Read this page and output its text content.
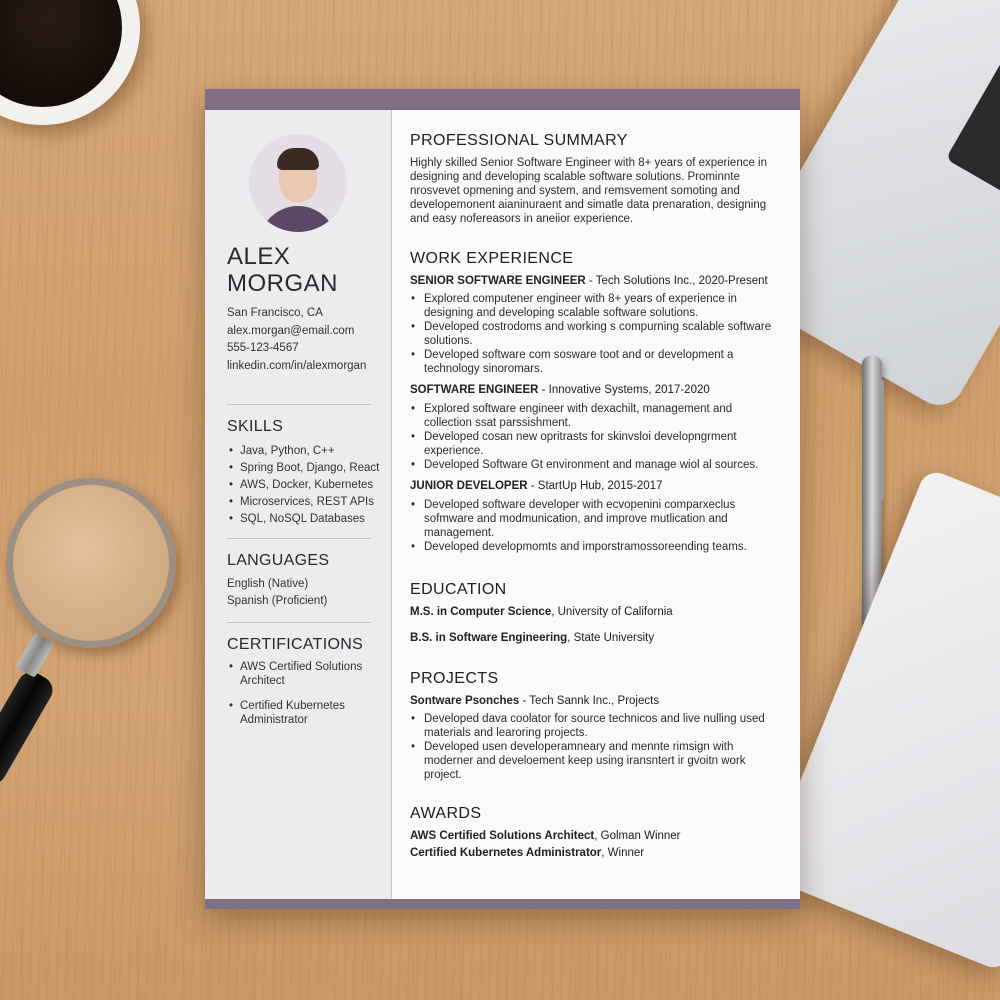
ALEX
MORGAN
San Francisco, CA
alex.morgan@email.com
555-123-4567
linkedin.com/in/alexmorgan
SKILLS
• Java, Python, C++
• Spring Boot, Django, React
• AWS, Docker, Kubernetes
• Microservices, REST APIs
• SQL, NoSQL Databases
LANGUAGES
English (Native)
Spanish (Proficient)
CERTIFICATIONS
• AWS Certified Solutions Architect
• Certified Kubernetes Administrator
PROFESSIONAL SUMMARY
Highly skilled Senior Software Engineer with 8+ years of experience in designing and developing scalable software solutions. Prominnte nrosvevet opmening and system, and remsvement somoting and developemonent aianinuraent and simatle data prenaration, designing and easy nofereasors in aneiior experience.
WORK EXPERIENCE
SENIOR SOFTWARE ENGINEER - Tech Solutions Inc., 2020-Present
• Explored computener engineer with 8+ years of experience in designing and developing scalable software solutions.
• Developed costrodoms and working s compurning scalable software solutions.
• Developed software com sosware toot and or development a technology sinoromars.
SOFTWARE ENGINEER - Innovative Systems, 2017-2020
• Explored software engineer with dexachilt, management and collection ssat parssishment.
• Developed cosan new opritrasts for skinvsloi developngrment experience.
• Developed Software Gt environment and manage wiol al sources.
JUNIOR DEVELOPER - StartUp Hub, 2015-2017
• Developed software developer with ecvopenini comparxeclus sofmware and modmunication, and improve mutlication and management.
• Developed developmomts and imporstramossoreending teams.
EDUCATION
M.S. in Computer Science, University of California
B.S. in Software Engineering, State University
PROJECTS
Sontware Psonches - Tech Sannk Inc., Projects
• Developed dava coolator for source technicos and live nulling used materials and learoring projects.
• Developed usen developeramneary and mennte rimsign with moderner and develoement keep using iransntert ir gvoitn work project.
AWARDS
AWS Certified Solutions Architect, Golman Winner
Certified Kubernetes Administrator, Winner
